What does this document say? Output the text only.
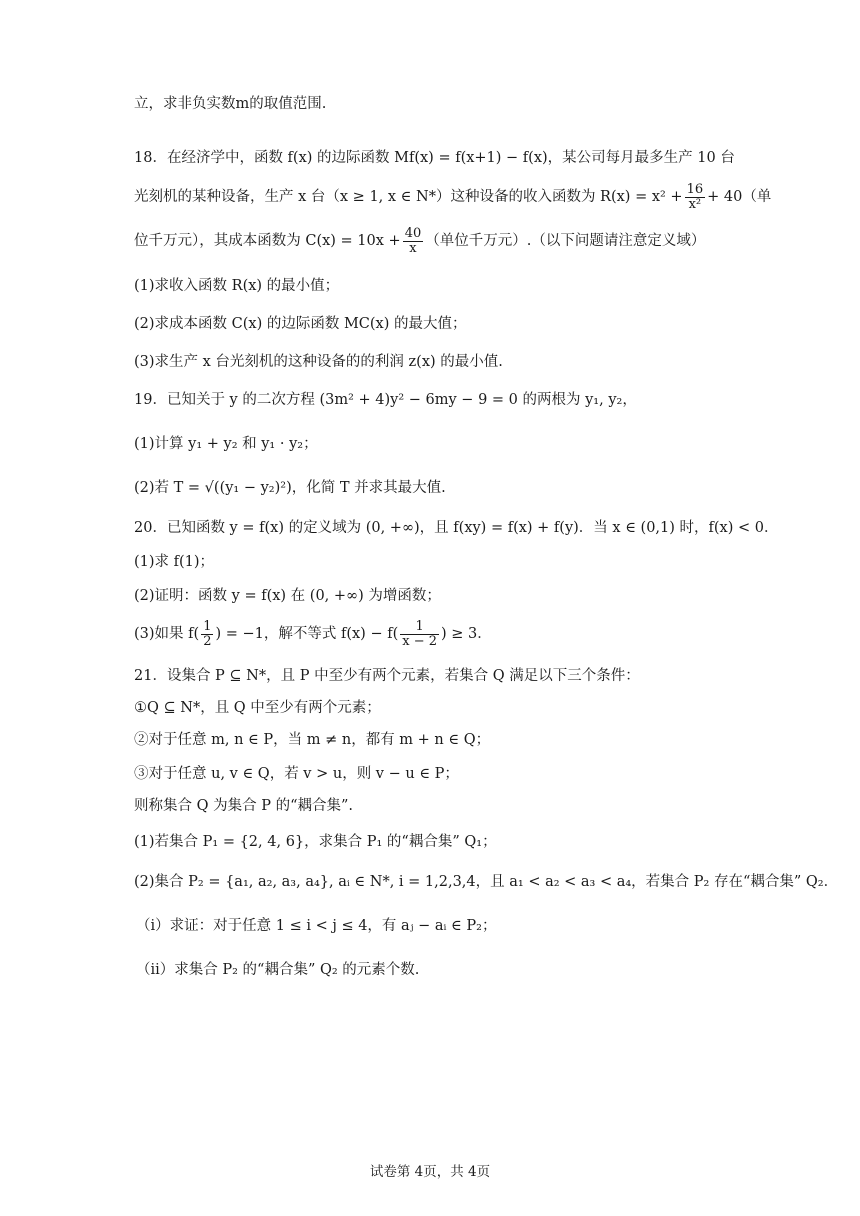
立，求非负实数m的取值范围.
18．在经济学中，函数 f(x) 的边际函数 Mf(x) = f(x+1) − f(x)，某公司每月最多生产 10 台
光刻机的某种设备，生产 x 台（x ≥ 1, x ∈ N*）这种设备的收入函数为 $R(x) = x^2 + \frac{16}{\text{x²}} + 40$（单
位千万元），其成本函数为 $C(x) = 10x + \frac{40}{x}$ （单位千万元）.（以下问题请注意定义域）
(1)求收入函数 R(x) 的最小值；
(2)求成本函数 C(x) 的边际函数 MC(x) 的最大值；
(3)求生产 x 台光刻机的这种设备的的利润 z(x) 的最小值.
19．已知关于 y 的二次方程 (3m² + 4)y² − 6my − 9 = 0 的两根为 y₁, y₂，
(1)计算 y₁ + y₂ 和 y₁ · y₂；
(2)若 T = √((y₁ − y₂)²)，化简 T 并求其最大值.
20．已知函数 y = f(x) 的定义域为 (0, +∞)，且 f(xy) = f(x) + f(y)．当 x ∈ (0,1) 时，f(x) < 0．
(1)求 f(1)；
(2)证明：函数 y = f(x) 在 (0, +∞) 为增函数；
(3)如果 $f( \frac{1}{2}$ ) = −1，解不等式 $f(x) - f( \frac{1}{x - 2}$ ) ≥ 3．
21．设集合 P ⊆ N*，且 P 中至少有两个元素，若集合 Q 满足以下三个条件：
①Q ⊆ N*，且 Q 中至少有两个元素；
②对于任意 m, n ∈ P，当 m ≠ n，都有 m + n ∈ Q；
③对于任意 u, v ∈ Q，若 v > u，则 v − u ∈ P；
则称集合 Q 为集合 P 的“耦合集”.
(1)若集合 P₁ = {2, 4, 6}，求集合 P₁ 的“耦合集” Q₁；
(2)集合 P₂ = {a₁, a₂, a₃, a₄}, aᵢ ∈ N*, i = 1,2,3,4，且 a₁ < a₂ < a₃ < a₄，若集合 P₂ 存在“耦合集” Q₂．
（i）求证：对于任意 1 ≤ i < j ≤ 4，有 aⱼ − aᵢ ∈ P₂；
（ii）求集合 P₂ 的“耦合集” Q₂ 的元素个数.
试卷第 4页，共 4页
